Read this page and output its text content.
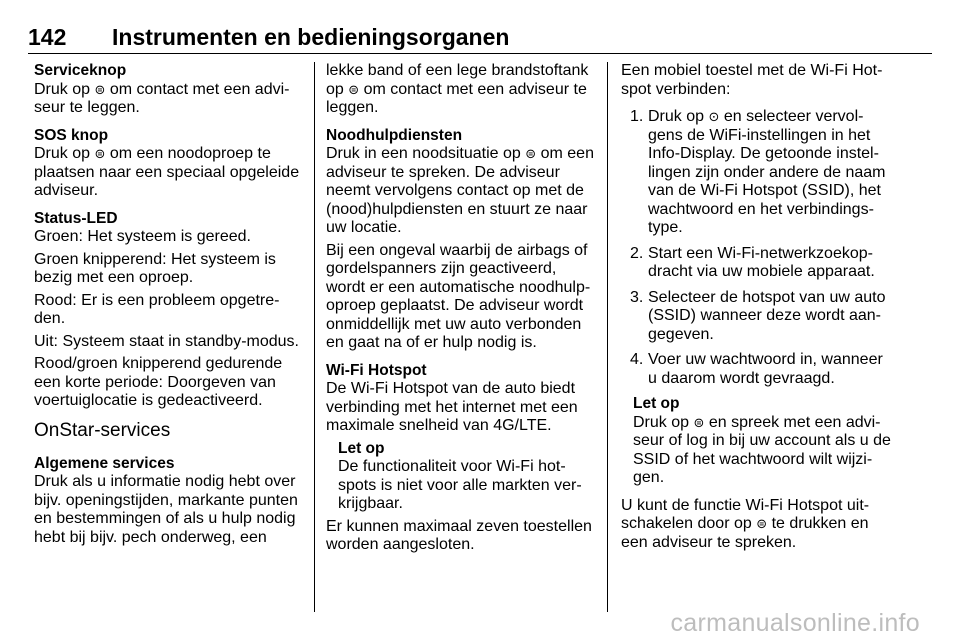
142	Instrumenten en bedieningsorganen
Serviceknop

Druk op ⊜ om contact met een adviseur te leggen.

SOS knop

Druk op ⊜ om een noodoproep te plaatsen naar een speciaal opgeleide adviseur.

Status-LED

Groen: Het systeem is gereed.

Groen knipperend: Het systeem is bezig met een oproep.

Rood: Er is een probleem opgetreden.

Uit: Systeem staat in standby-modus.

Rood/groen knipperend gedurende een korte periode: Doorgeven van voertuiglocatie is gedeactiveerd.

OnStar-services
Algemene services

Druk als u informatie nodig hebt over bijv. openingstijden, markante punten en bestemmingen of als u hulp nodig hebt bij bijv. pech onderweg, een

lekke band of een lege brandstoftank op ⊜ om contact met een adviseur te leggen.

Noodhulpdiensten

Druk in een noodsituatie op ⊜ om een adviseur te spreken. De adviseur neemt vervolgens contact op met de (nood)hulpdiensten en stuurt ze naar uw locatie.

Bij een ongeval waarbij de airbags of gordelspanners zijn geactiveerd, wordt er een automatische noodhulpoproep geplaatst. De adviseur wordt onmiddellijk met uw auto verbonden en gaat na of er hulp nodig is.

Wi-Fi Hotspot

De Wi-Fi Hotspot van de auto biedt verbinding met het internet met een maximale snelheid van 4G/LTE.

Let op

De functionaliteit voor Wi-Fi hotspots is niet voor alle markten verkrijgbaar.

Er kunnen maximaal zeven toestellen worden aangesloten.

Een mobiel toestel met de Wi-Fi Hotspot verbinden:

1. Druk op ⊙ en selecteer vervolgens de WiFi-instellingen in het Info-Display. De getoonde instellingen zijn onder andere de naam van de Wi-Fi Hotspot (SSID), het wachtwoord en het verbindingstype.
2. Start een Wi-Fi-netwerkzoekopdracht via uw mobiele apparaat.
3. Selecteer de hotspot van uw auto (SSID) wanneer deze wordt aangegeven.
4. Voer uw wachtwoord in, wanneer u daarom wordt gevraagd.
Let op

Druk op ⊜ en spreek met een adviseur of log in bij uw account als u de SSID of het wachtwoord wilt wijzigen.

U kunt de functie Wi-Fi Hotspot uitschakelen door op ⊜ te drukken en een adviseur te spreken.

carmanualsonline.info
